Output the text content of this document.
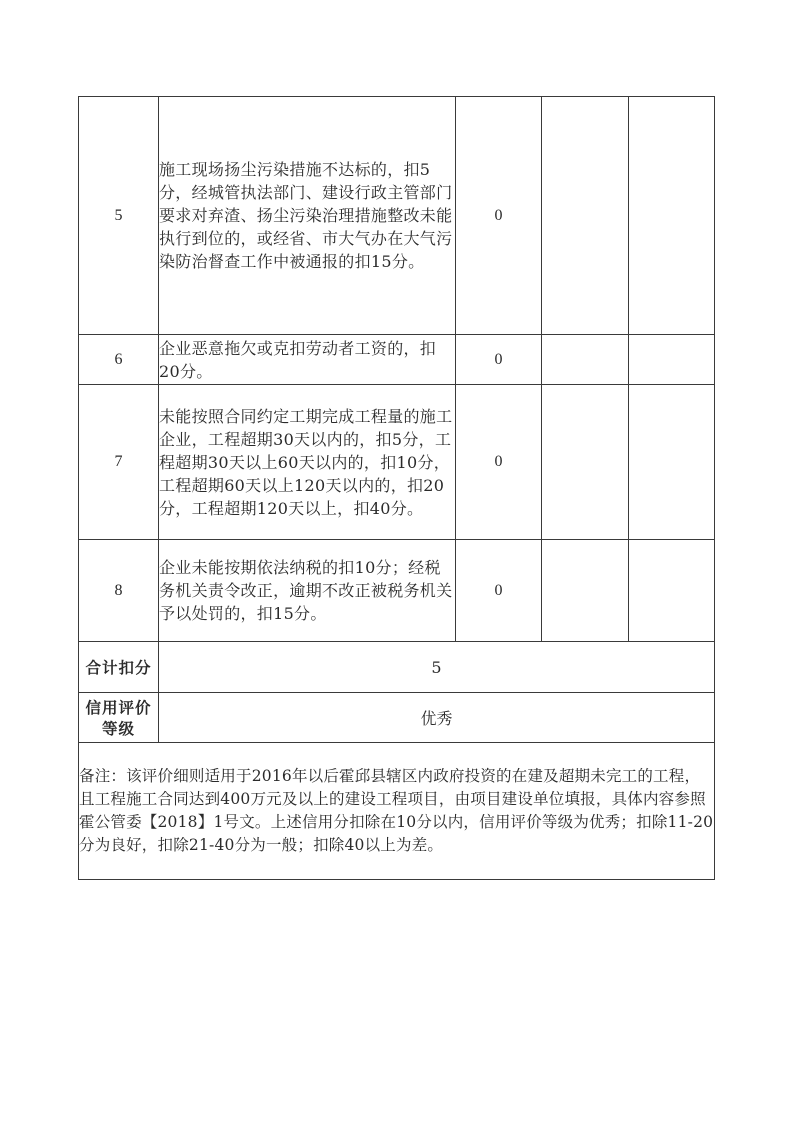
5	施工现场扬尘污染措施不达标的，扣5分，经城管执法部门、建设行政主管部门要求对弃渣、扬尘污染治理措施整改未能执行到位的，或经省、市大气办在大气污染防治督查工作中被通报的扣15分。	0		
6	企业恶意拖欠或克扣劳动者工资的，扣20分。	0		
7	未能按照合同约定工期完成工程量的施工企业，工程超期30天以内的，扣5分，工程超期30天以上60天以内的，扣10分，工程超期60天以上120天以内的，扣20分，工程超期120天以上，扣40分。	0		
8	企业未能按期依法纳税的扣10分；经税务机关责令改正，逾期不改正被税务机关予以处罚的，扣15分。	0		
合计扣分	5			
信用评价等级	优秀			
备注：该评价细则适用于2016年以后霍邱县辖区内政府投资的在建及超期未完工的工程，且工程施工合同达到400万元及以上的建设工程项目，由项目建设单位填报，具体内容参照霍公管委【2018】1号文。上述信用分扣除在10分以内，信用评价等级为优秀；扣除11-20分为良好，扣除21-40分为一般；扣除40以上为差。				
